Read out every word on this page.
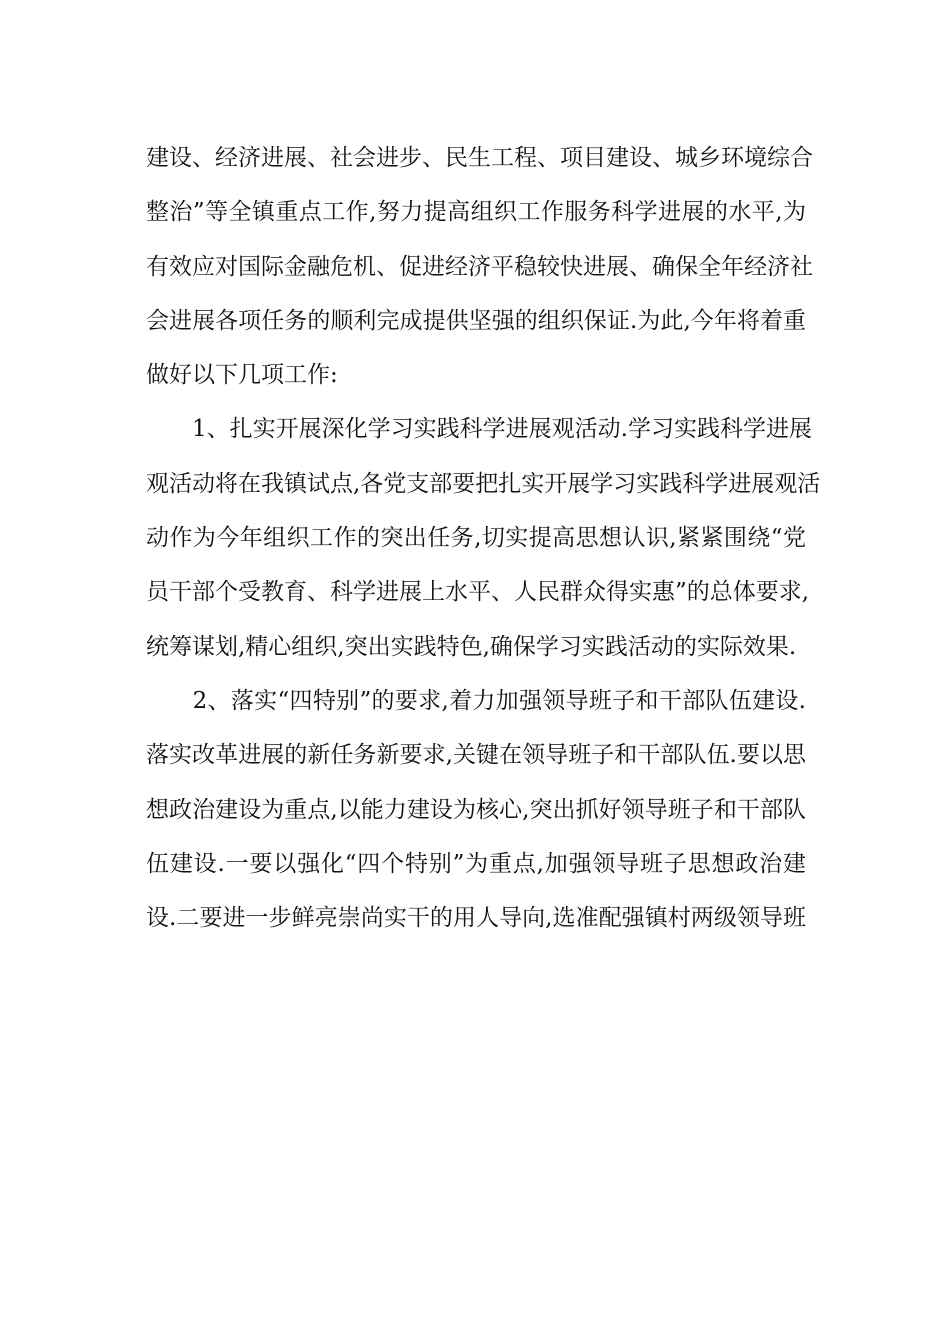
建设、经济进展、社会进步、民生工程、项目建设、城乡环境综合
整治”等全镇重点工作,努力提高组织工作服务科学进展的水平,为
有效应对国际金融危机、促进经济平稳较快进展、确保全年经济社
会进展各项任务的顺利完成提供坚强的组织保证.为此,今年将着重
做好以下几项工作:
　　1、扎实开展深化学习实践科学进展观活动.学习实践科学进展
观活动将在我镇试点,各党支部要把扎实开展学习实践科学进展观活
动作为今年组织工作的突出任务,切实提高思想认识,紧紧围绕“党
员干部个受教育、科学进展上水平、人民群众得实惠”的总体要求,
统筹谋划,精心组织,突出实践特色,确保学习实践活动的实际效果.
　　2、落实“四特别”的要求,着力加强领导班子和干部队伍建设.
落实改革进展的新任务新要求,关键在领导班子和干部队伍.要以思
想政治建设为重点,以能力建设为核心,突出抓好领导班子和干部队
伍建设.一要以强化“四个特别”为重点,加强领导班子思想政治建
设.二要进一步鲜亮崇尚实干的用人导向,选准配强镇村两级领导班
